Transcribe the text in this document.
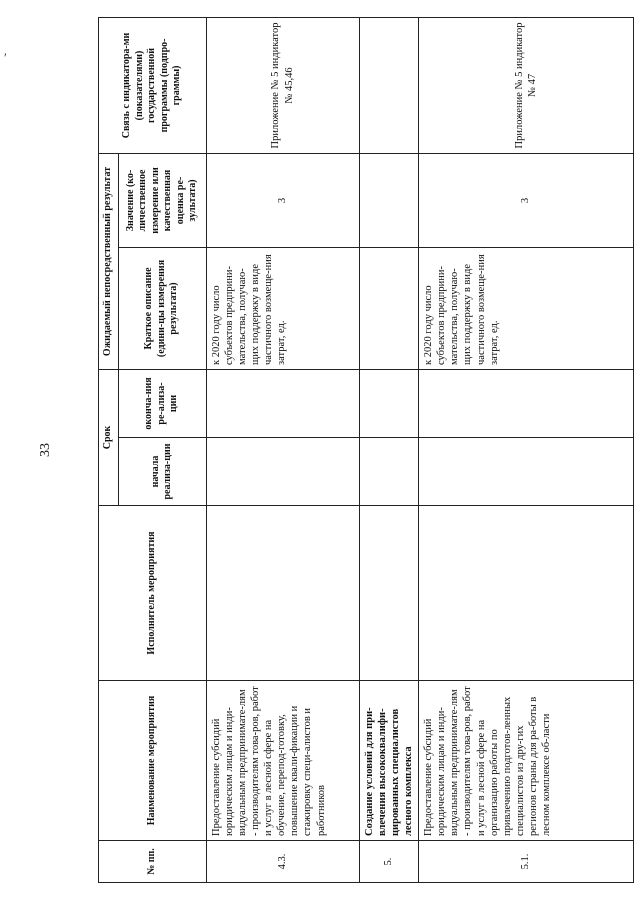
′
33
№ пп.	Наименование мероприятия	Исполнитель мероприятия	Срок		Ожидаемый непосредственный результат		Связь с индикатора-ми (показателями) государственной программы (подпро-граммы)
			начала реализа-ции	оконча-ния ре-ализа-ции	Краткое описание (едини-цы измерения результата)	Значение (ко-личественное измерение или качественная оценка ре-зультата)	

4.3.	Предоставление субсидий юридическим лицам и инди-видуальным предпринимате-лям - производителям това-ров, работ и услуг в лесной сфере на обучение, перепод-готовку, повышение квали-фикации и стажировку специ-алистов и работников				к 2020 году число субъектов предприни-мательства, получаю-щих поддержку в виде частичного возмеще-ния затрат, ед.	3	Приложение № 5 индикатор № 45,46
5.	Создание условий для при-влечения высококвалифи-цированных специалистов лесного комплекса						
5.1.	Предоставление субсидий юридическим лицам и инди-видуальным предпринимате-лям - производителям това-ров, работ и услуг в лесной сфере на организацию работы по привлечению подготов-ленных специалистов из дру-гих регионов страны для ра-боты в лесном комплексе об-ласти				к 2020 году число субъектов предприни-мательства, получаю-щих поддержку в виде частичного возмеще-ния затрат, ед.	3	Приложение № 5 индикатор № 47
